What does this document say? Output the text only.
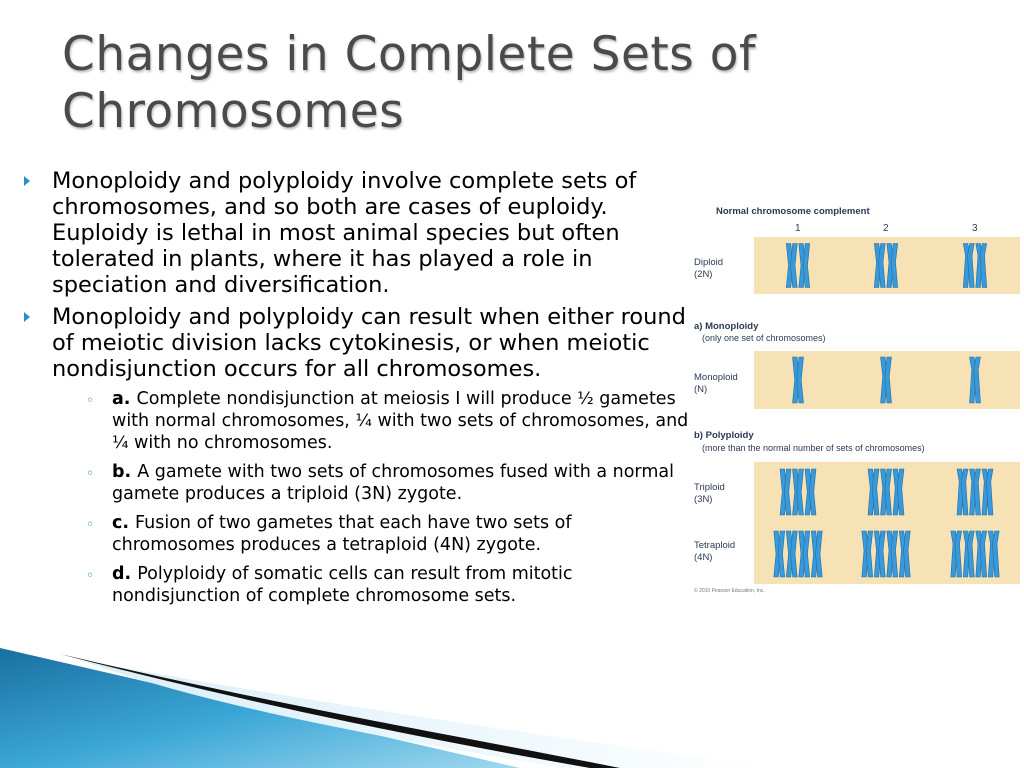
Changes in Complete Sets of Chromosomes
Monoploidy and polyploidy involve complete sets of chromosomes, and so both are cases of euploidy. Euploidy is lethal in most animal species but often tolerated in plants, where it has played a role in speciation and diversification.
Monoploidy and polyploidy can result when either round of meiotic division lacks cytokinesis, or when meiotic nondisjunction occurs for all chromosomes.
◦ a. Complete nondisjunction at meiosis I will produce ½ gametes with normal chromosomes, ¼ with two sets of chromosomes, and ¼ with no chromosomes.
◦ b. A gamete with two sets of chromosomes fused with a normal gamete produces a triploid (3N) zygote.
◦ c. Fusion of two gametes that each have two sets of chromosomes produces a tetraploid (4N) zygote.
◦ d. Polyploidy of somatic cells can result from mitotic nondisjunction of complete chromosome sets.
Normal chromosome complement
1	2	3
Diploid
(2N)
a) Monoploidy
(only one set of chromosomes)
Monoploid
(N)
b) Polyploidy
(more than the normal number of sets of chromosomes)
Triploid
(3N)
Tetraploid
(4N)
© 2010 Pearson Education, Inc.
